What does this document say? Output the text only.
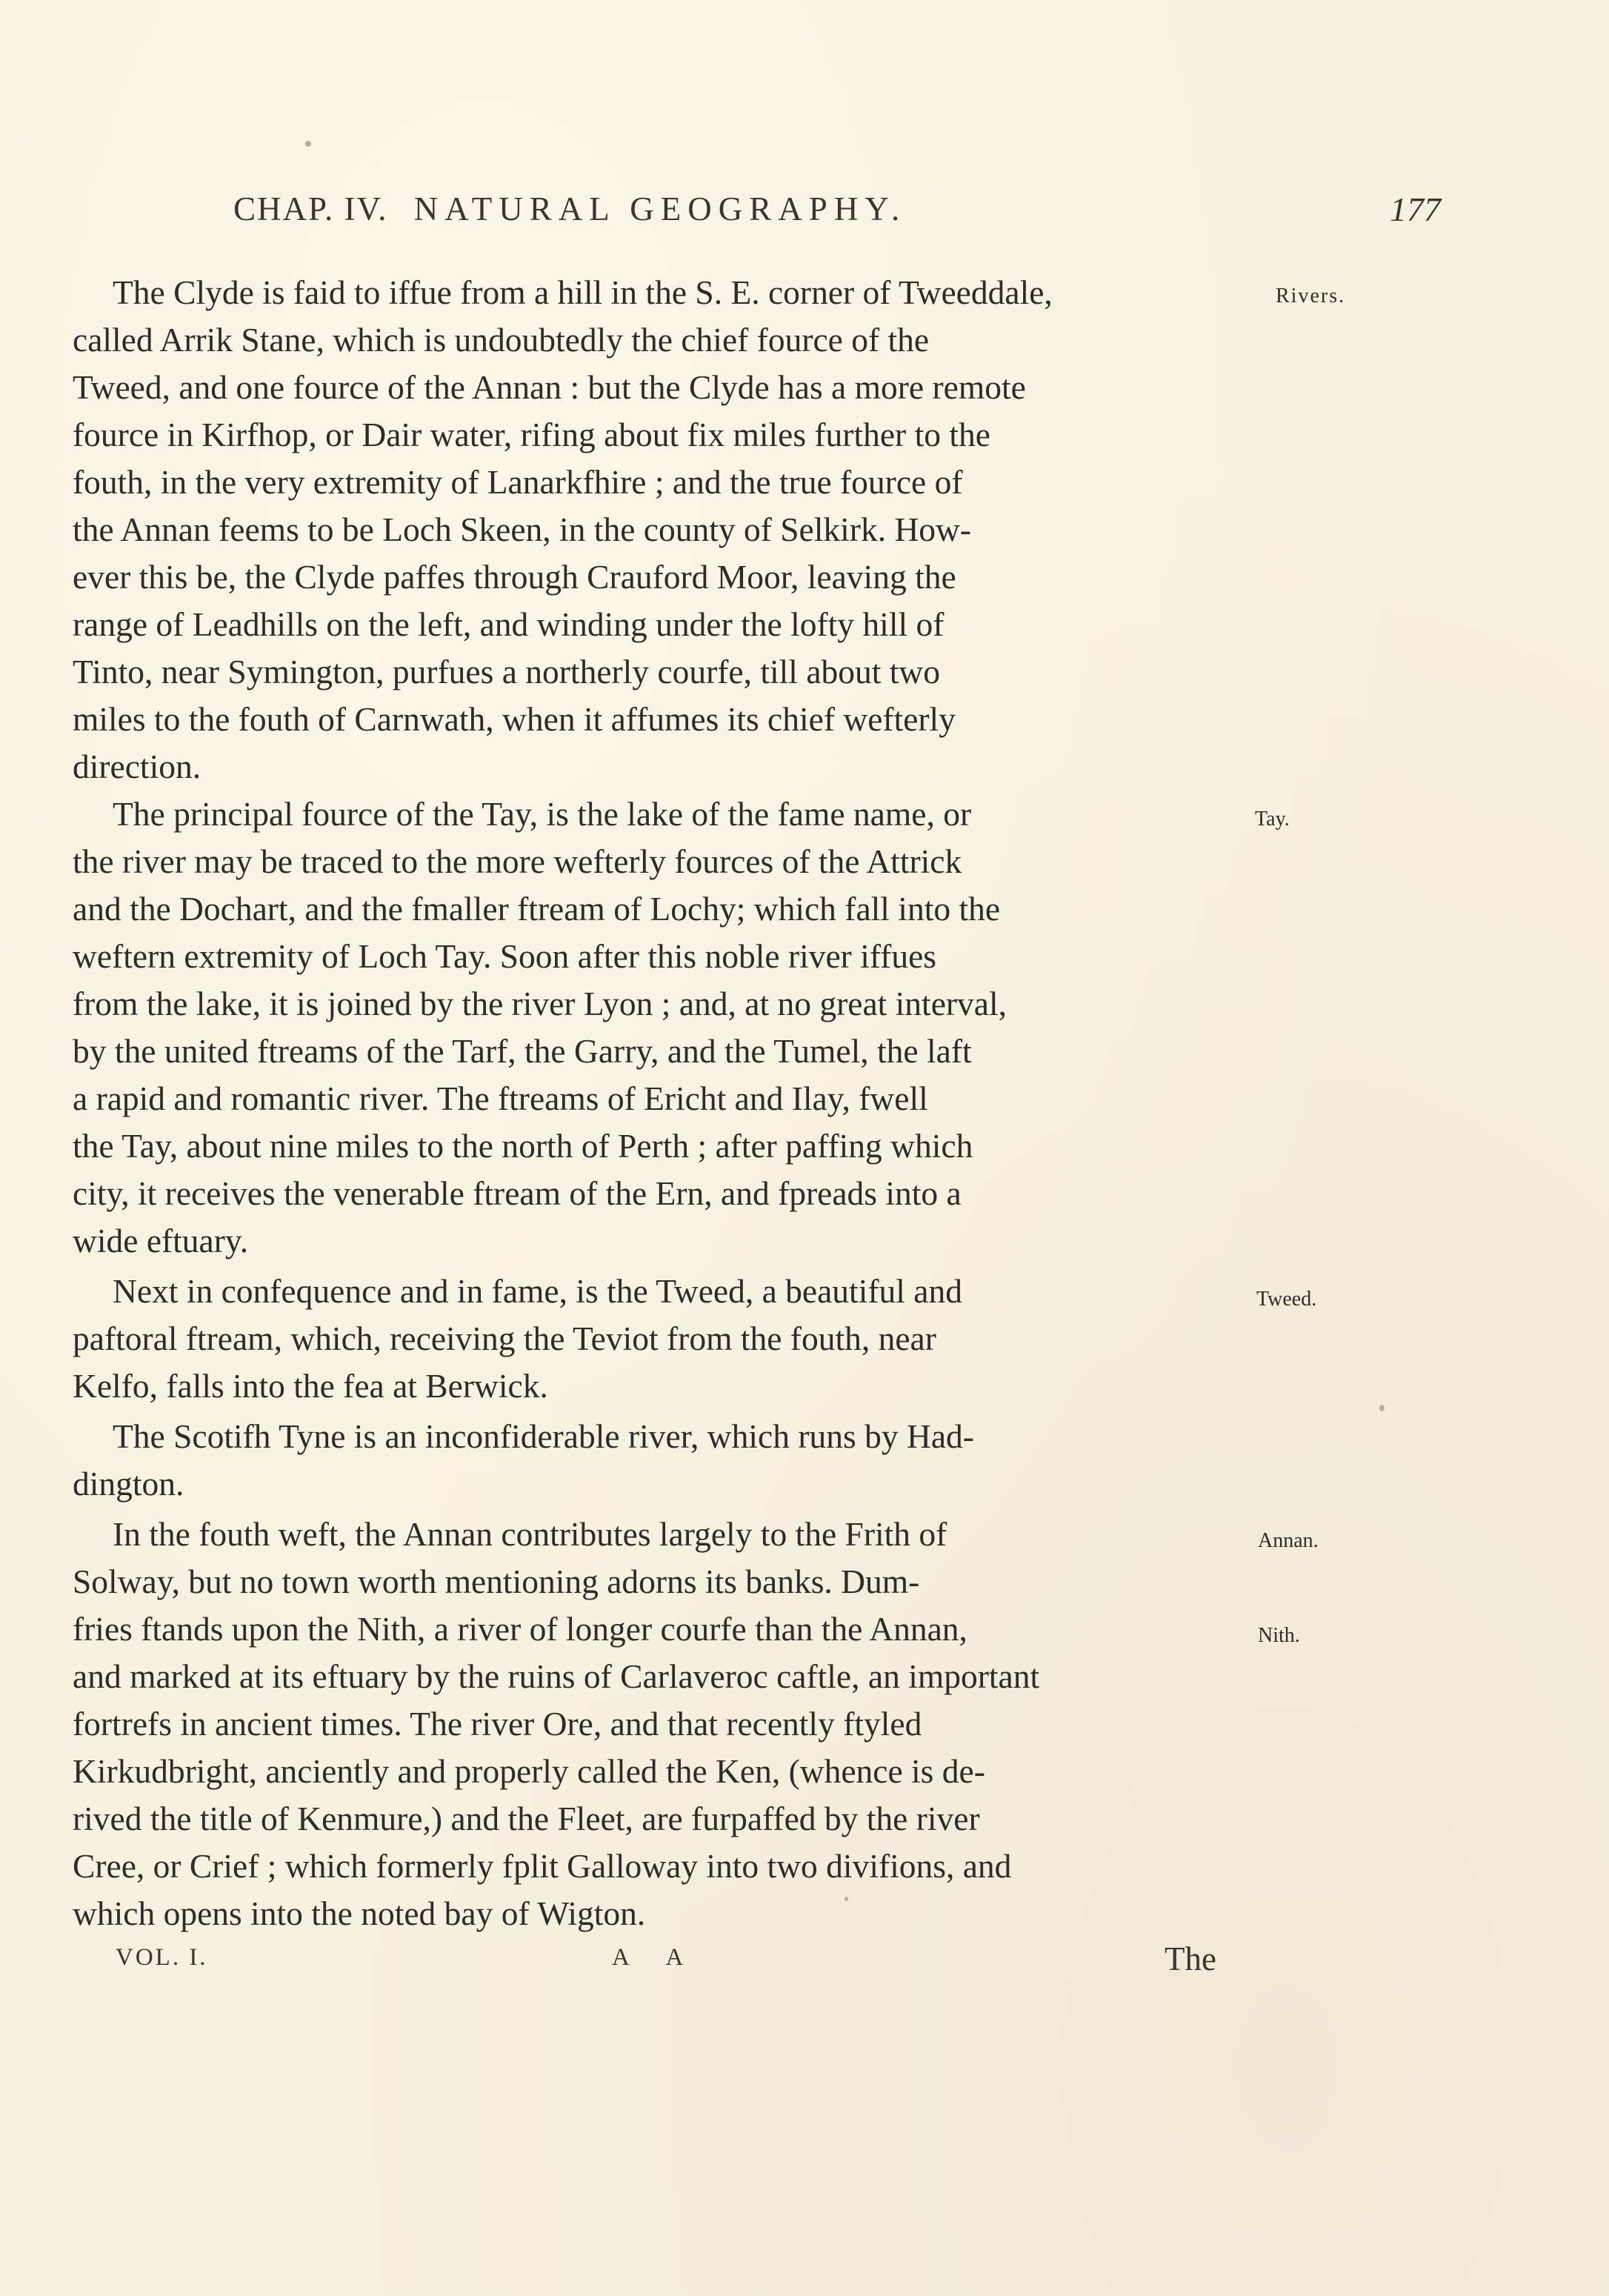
CHAP. IV. NATURAL GEOGRAPHY.	177
The Clyde is faid to iffue from a hill in the S. E. corner of Tweeddale,
called Arrik Stane, which is undoubtedly the chief fource of the
Tweed, and one fource of the Annan : but the Clyde has a more remote
fource in Kirfhop, or Dair water, rifing about fix miles further to the
fouth, in the very extremity of Lanarkfhire ; and the true fource of
the Annan feems to be Loch Skeen, in the county of Selkirk. How-
ever this be, the Clyde paffes through Crauford Moor, leaving the
range of Leadhills on the left, and winding under the lofty hill of
Tinto, near Symington, purfues a northerly courfe, till about two
miles to the fouth of Carnwath, when it affumes its chief wefterly
direction.
The principal fource of the Tay, is the lake of the fame name, or
the river may be traced to the more wefterly fources of the Attrick
and the Dochart, and the fmaller ftream of Lochy; which fall into the
weftern extremity of Loch Tay. Soon after this noble river iffues
from the lake, it is joined by the river Lyon ; and, at no great interval,
by the united ftreams of the Tarf, the Garry, and the Tumel, the laft
a rapid and romantic river. The ftreams of Ericht and Ilay, fwell
the Tay, about nine miles to the north of Perth ; after paffing which
city, it receives the venerable ftream of the Ern, and fpreads into a
wide eftuary.
Next in confequence and in fame, is the Tweed, a beautiful and
paftoral ftream, which, receiving the Teviot from the fouth, near
Kelfo, falls into the fea at Berwick.
The Scotifh Tyne is an inconfiderable river, which runs by Had-
dington.
In the fouth weft, the Annan contributes largely to the Frith of
Solway, but no town worth mentioning adorns its banks. Dum-
fries ftands upon the Nith, a river of longer courfe than the Annan,
and marked at its eftuary by the ruins of Carlaveroc caftle, an important
fortrefs in ancient times. The river Ore, and that recently ftyled
Kirkudbright, anciently and properly called the Ken, (whence is de-
rived the title of Kenmure,) and the Fleet, are furpaffed by the river
Cree, or Crief ; which formerly fplit Galloway into two divifions, and
which opens into the noted bay of Wigton.
Rivers.
Tay.
Tweed.
Annan.
Nith.
VOL. I.	A A	The
